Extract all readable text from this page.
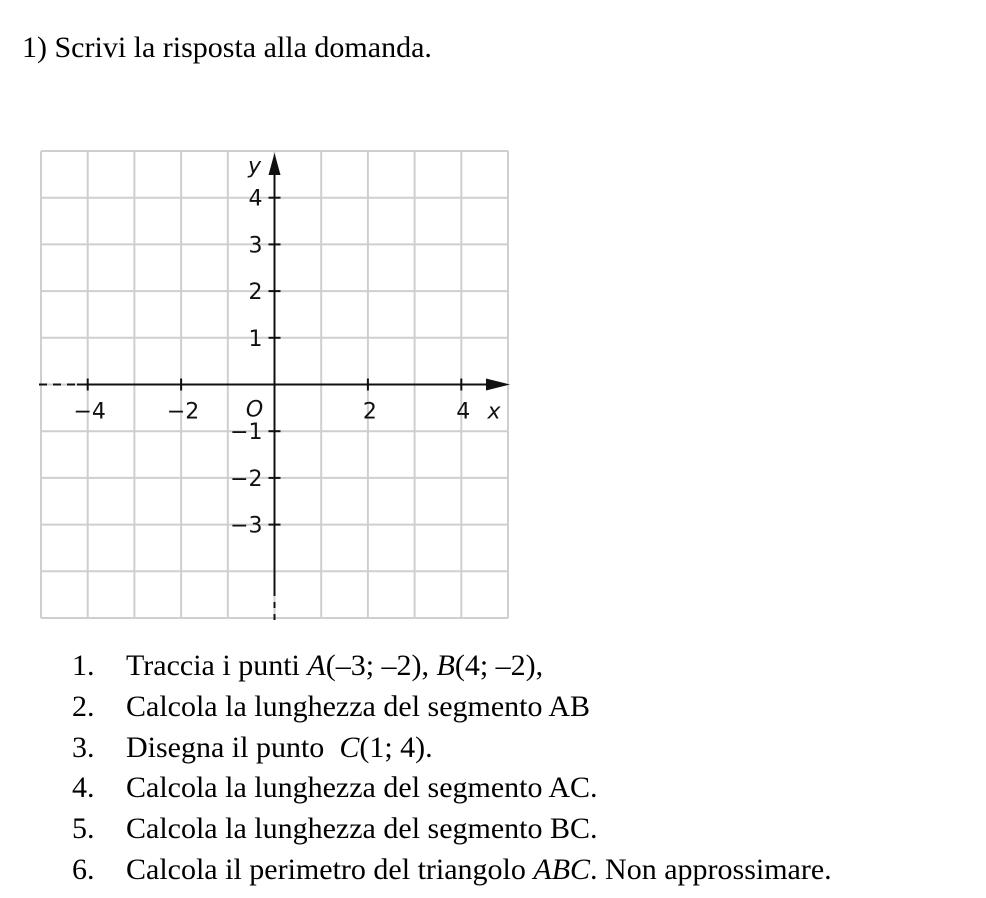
1) Scrivi la risposta alla domanda.
−4	−2	2	4
4
3
2
1
−1
−2
−3
y
x
O
1.	Traccia i punti A(–3; –2), B(4; –2),
2.	Calcola la lunghezza del segmento AB
3.	Disegna il punto  C(1; 4).
4.	Calcola la lunghezza del segmento AC.
5.	Calcola la lunghezza del segmento BC.
6.	Calcola il perimetro del triangolo ABC. Non approssimare.
